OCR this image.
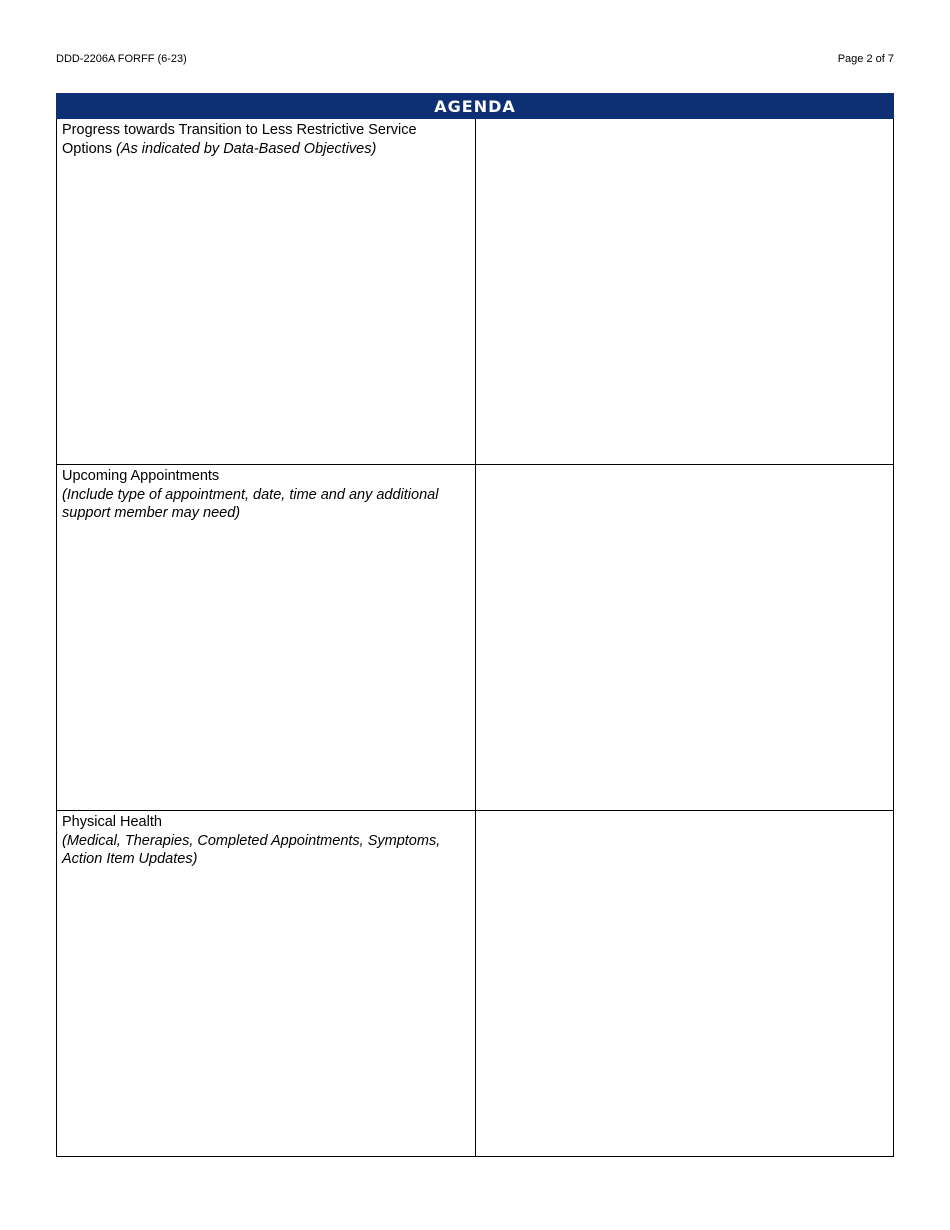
DDD-2206A FORFF (6-23)	Page 2 of 7
AGENDA	
Progress towards Transition to Less Restrictive Service Options (As indicated by Data-Based Objectives)	
Upcoming Appointments
(Include type of appointment, date, time and any additional support member may need)	
Physical Health
(Medical, Therapies, Completed Appointments, Symptoms, Action Item Updates)	
